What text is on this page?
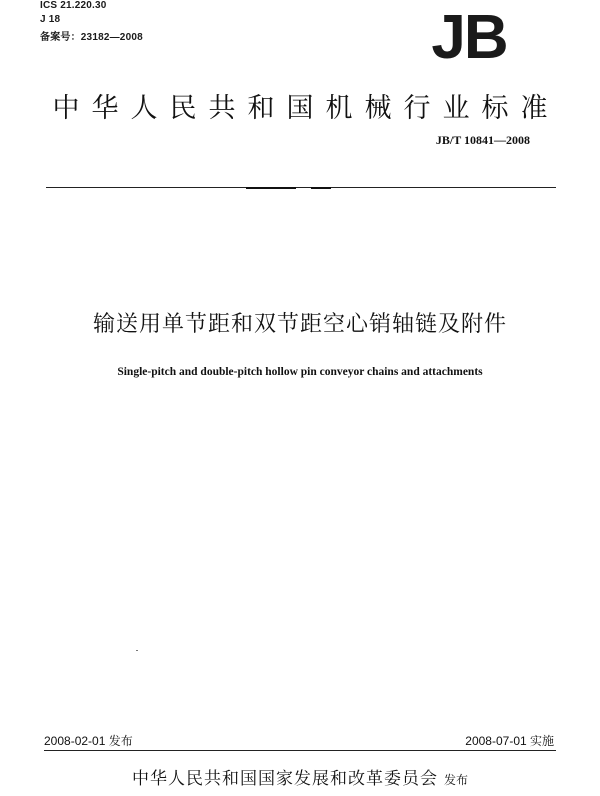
ICS 21.220.30
J 18
备案号：23182—2008	JB
中华人民共和国机械行业标准
JB/T 10841—2008
输送用单节距和双节距空心销轴链及附件
Single-pitch and double-pitch hollow pin conveyor chains and attachments
2008-02-01 发布	2008-07-01 实施
中华人民共和国国家发展和改革委员会 发布
